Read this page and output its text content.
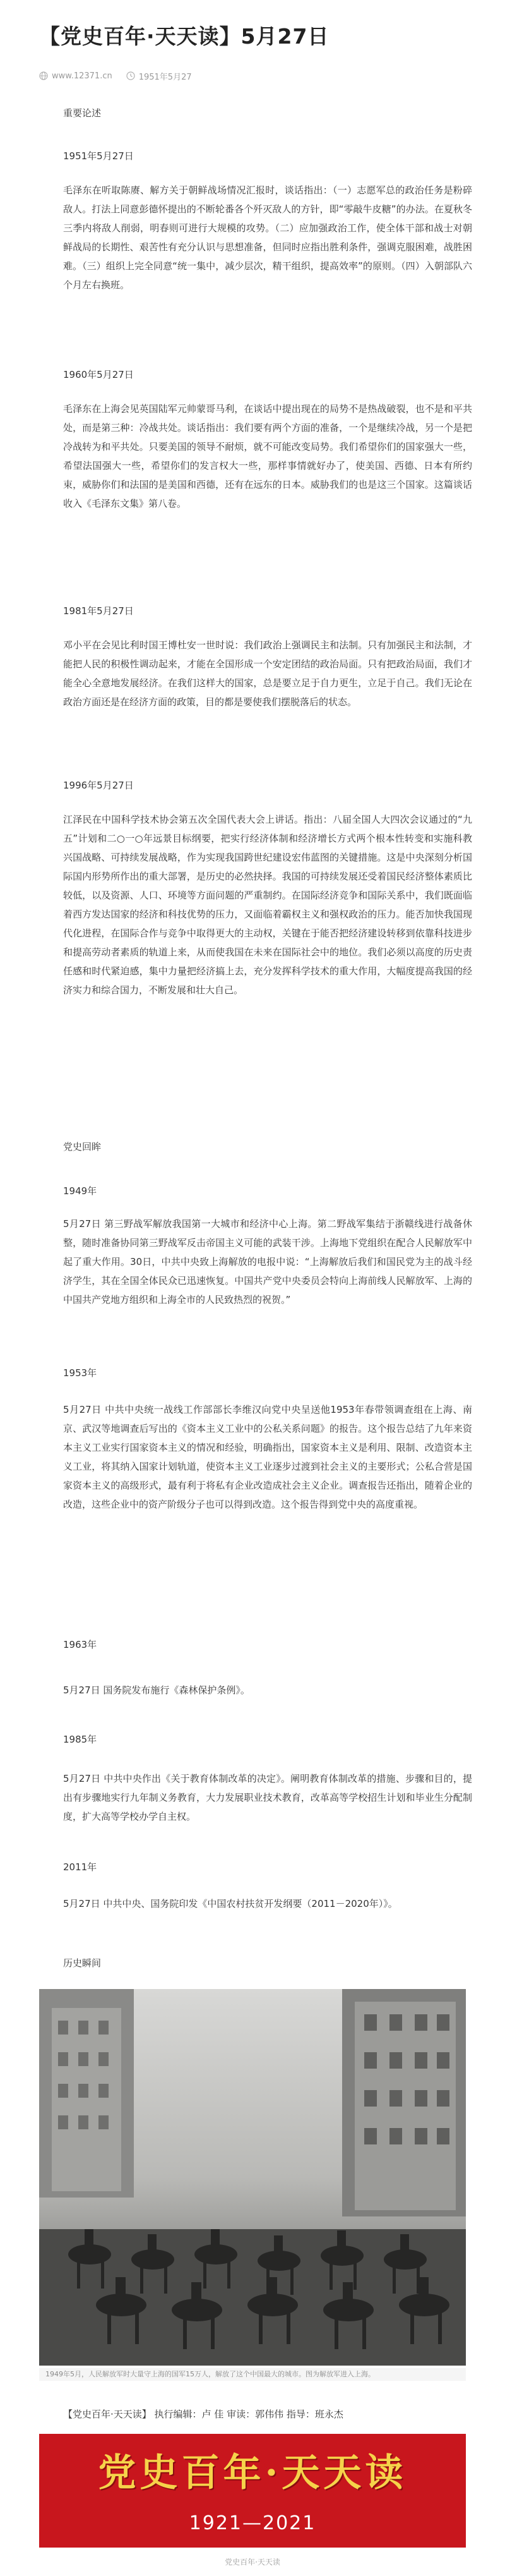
【党史百年·天天读】5月27日
www.12371.cn	1951年5月27

重要论述

1951年5月27日

毛泽东在听取陈赓、解方关于朝鲜战场情况汇报时，谈话指出：（一）志愿军总的政治任务是粉碎敌人。打法上同意彭德怀提出的不断轮番各个歼灭敌人的方针，即“零敲牛皮糖”的办法。在夏秋冬三季内将敌人削弱，明春则可进行大规模的攻势。（二）应加强政治工作，使全体干部和战士对朝鲜战局的长期性、艰苦性有充分认识与思想准备，但同时应指出胜利条件，强调克服困难，战胜困难。（三）组织上完全同意“统一集中，减少层次，精干组织，提高效率”的原则。（四）入朝部队六个月左右换班。

1960年5月27日

毛泽东在上海会见英国陆军元帅蒙哥马利，在谈话中提出现在的局势不是热战破裂，也不是和平共处，而是第三种：冷战共处。谈话指出：我们要有两个方面的准备，一个是继续冷战，另一个是把冷战转为和平共处。只要美国的领导不耐烦，就不可能改变局势。我们希望你们的国家强大一些，希望法国强大一些，希望你们的发言权大一些，那样事情就好办了，使美国、西德、日本有所约束，威胁你们和法国的是美国和西德，还有在远东的日本。威胁我们的也是这三个国家。这篇谈话收入《毛泽东文集》第八卷。

1981年5月27日

邓小平在会见比利时国王博杜安一世时说：我们政治上强调民主和法制。只有加强民主和法制，才能把人民的积极性调动起来，才能在全国形成一个安定团结的政治局面。只有把政治局面，我们才能全心全意地发展经济。在我们这样大的国家，总是要立足于自力更生，立足于自己。我们无论在政治方面还是在经济方面的政策，目的都是要使我们摆脱落后的状态。

1996年5月27日

江泽民在中国科学技术协会第五次全国代表大会上讲话。指出：八届全国人大四次会议通过的“九五”计划和二○一○年远景目标纲要，把实行经济体制和经济增长方式两个根本性转变和实施科教兴国战略、可持续发展战略，作为实现我国跨世纪建设宏伟蓝图的关键措施。这是中央深刻分析国际国内形势所作出的重大部署，是历史的必然抉择。我国的可持续发展还受着国民经济整体素质比较低，以及资源、人口、环境等方面问题的严重制约。在国际经济竞争和国际关系中，我们既面临着西方发达国家的经济和科技优势的压力，又面临着霸权主义和强权政治的压力。能否加快我国现代化进程，在国际合作与竞争中取得更大的主动权，关键在于能否把经济建设转移到依靠科技进步和提高劳动者素质的轨道上来，从而使我国在未来在国际社会中的地位。我们必须以高度的历史责任感和时代紧迫感，集中力量把经济搞上去，充分发挥科学技术的重大作用，大幅度提高我国的经济实力和综合国力，不断发展和壮大自己。

党史回眸

1949年

5月27日 第三野战军解放我国第一大城市和经济中心上海。第二野战军集结于浙赣线进行战备休整，随时准备协同第三野战军反击帝国主义可能的武装干涉。上海地下党组织在配合人民解放军中起了重大作用。30日，中共中央致上海解放的电报中说：“上海解放后我们和国民党为主的战斗经济学生，其在全国全体民众已迅速恢复。中国共产党中央委员会特向上海前线人民解放军、上海的中国共产党地方组织和上海全市的人民致热烈的祝贺。”

1953年

5月27日 中共中央统一战线工作部部长李维汉向党中央呈送他1953年春带领调查组在上海、南京、武汉等地调查后写出的《资本主义工业中的公私关系问题》的报告。这个报告总结了九年来资本主义工业实行国家资本主义的情况和经验，明确指出，国家资本主义是利用、限制、改造资本主义工业，将其纳入国家计划轨道，使资本主义工业逐步过渡到社会主义的主要形式；公私合营是国家资本主义的高级形式，最有利于将私有企业改造成社会主义企业。调查报告还指出，随着企业的改造，这些企业中的资产阶级分子也可以得到改造。这个报告得到党中央的高度重视。

1963年

5月27日 国务院发布施行《森林保护条例》。

1985年

5月27日 中共中央作出《关于教育体制改革的决定》。阐明教育体制改革的措施、步骤和目的，提出有步骤地实行九年制义务教育，大力发展职业技术教育，改革高等学校招生计划和毕业生分配制度，扩大高等学校办学自主权。

2011年

5月27日 中共中央、国务院印发《中国农村扶贫开发纲要（2011－2020年）》。

历史瞬间

1949年5月，人民解放军时大量守上海的国军15万人，解放了这个中国最大的城市。图为解放军进入上海。
【党史百年·天天读】 执行编辑：卢 佳 审读：郭伟伟 指导：班永杰
党史百年·天天读
1921—2021
党史百年·天天读
